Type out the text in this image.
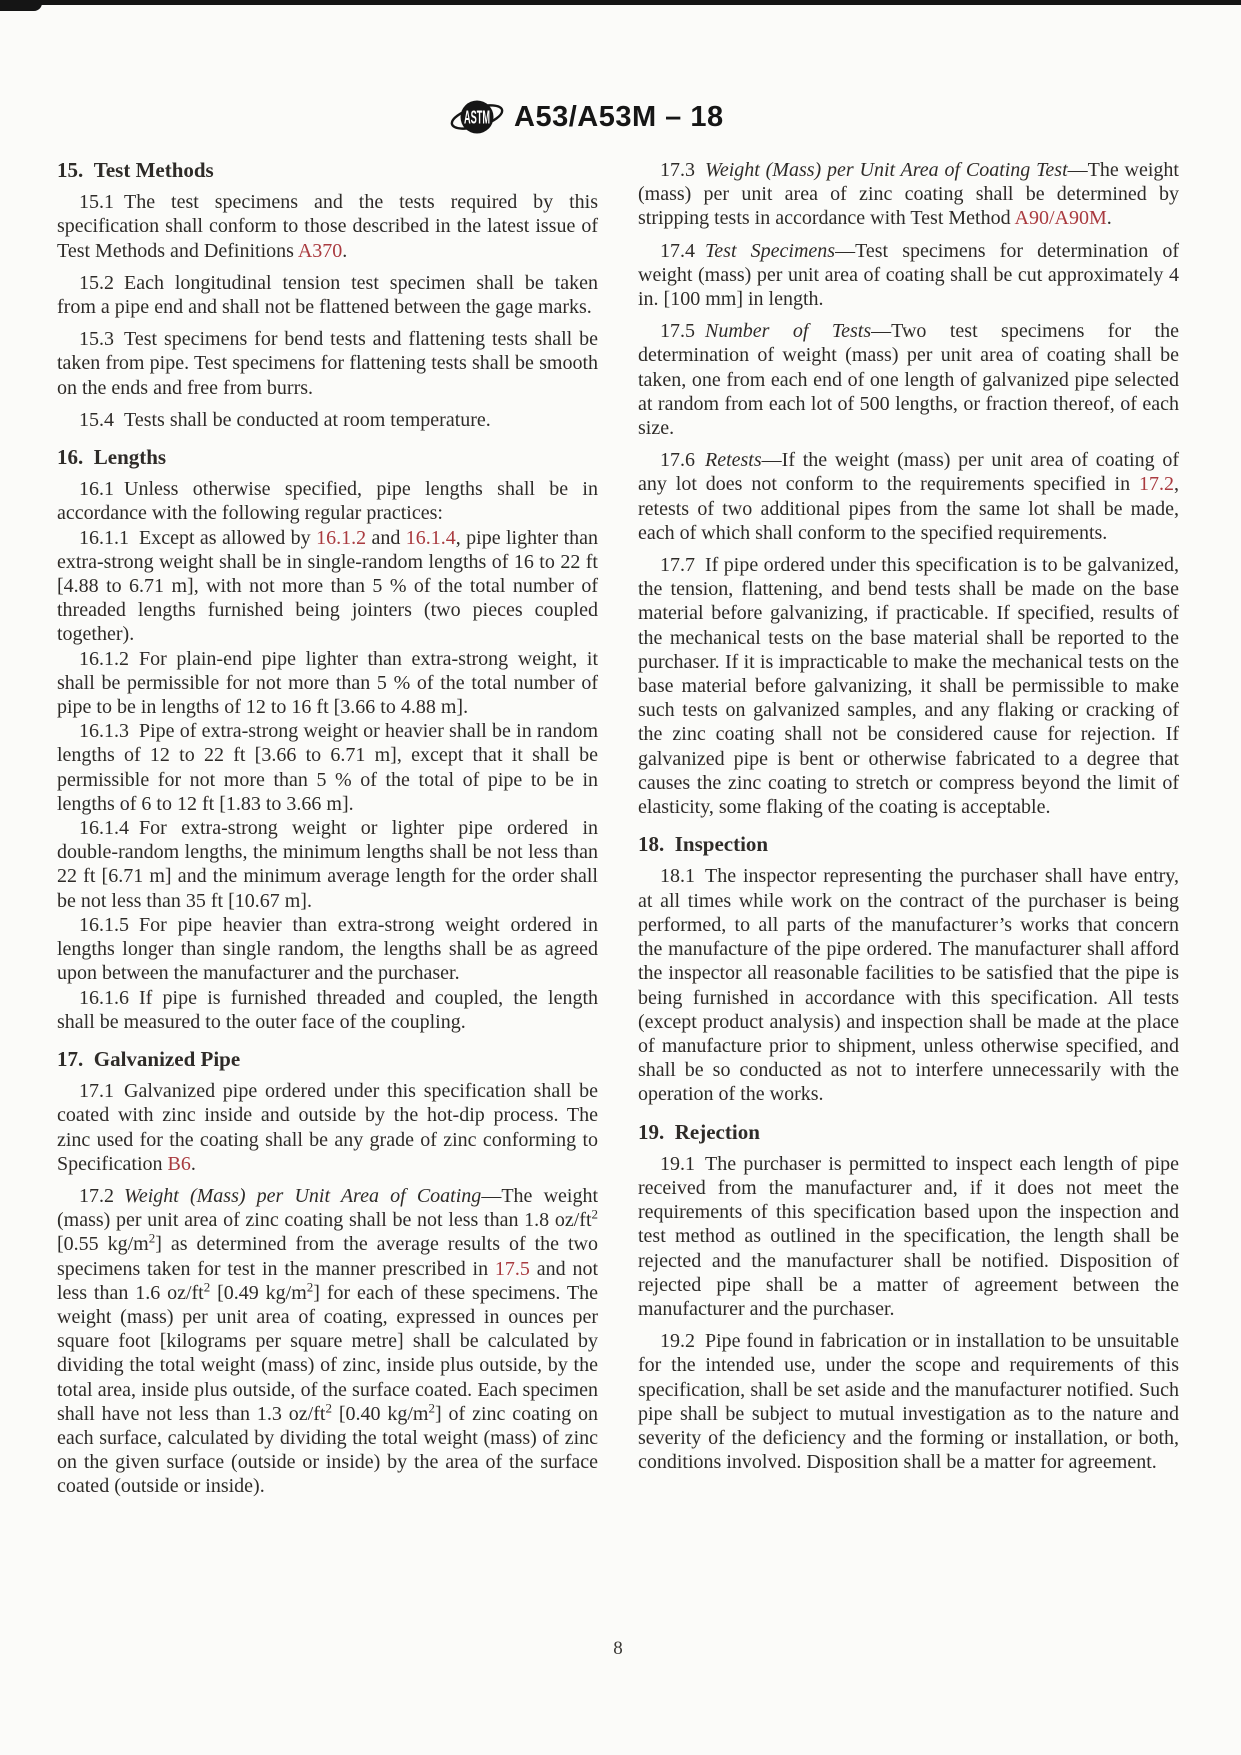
ASTM A53/A53M – 18
15. Test Methods

15.1 The test specimens and the tests required by this specification shall conform to those described in the latest issue of Test Methods and Definitions A370.

15.2 Each longitudinal tension test specimen shall be taken from a pipe end and shall not be flattened between the gage marks.

15.3 Test specimens for bend tests and flattening tests shall be taken from pipe. Test specimens for flattening tests shall be smooth on the ends and free from burrs.

15.4 Tests shall be conducted at room temperature.

16. Lengths

16.1 Unless otherwise specified, pipe lengths shall be in accordance with the following regular practices:

16.1.1 Except as allowed by 16.1.2 and 16.1.4, pipe lighter than extra-strong weight shall be in single-random lengths of 16 to 22 ft [4.88 to 6.71 m], with not more than 5 % of the total number of threaded lengths furnished being jointers (two pieces coupled together).

16.1.2 For plain-end pipe lighter than extra-strong weight, it shall be permissible for not more than 5 % of the total number of pipe to be in lengths of 12 to 16 ft [3.66 to 4.88 m].

16.1.3 Pipe of extra-strong weight or heavier shall be in random lengths of 12 to 22 ft [3.66 to 6.71 m], except that it shall be permissible for not more than 5 % of the total of pipe to be in lengths of 6 to 12 ft [1.83 to 3.66 m].

16.1.4 For extra-strong weight or lighter pipe ordered in double-random lengths, the minimum lengths shall be not less than 22 ft [6.71 m] and the minimum average length for the order shall be not less than 35 ft [10.67 m].

16.1.5 For pipe heavier than extra-strong weight ordered in lengths longer than single random, the lengths shall be as agreed upon between the manufacturer and the purchaser.

16.1.6 If pipe is furnished threaded and coupled, the length shall be measured to the outer face of the coupling.

17. Galvanized Pipe

17.1 Galvanized pipe ordered under this specification shall be coated with zinc inside and outside by the hot-dip process. The zinc used for the coating shall be any grade of zinc conforming to Specification B6.

17.2 Weight (Mass) per Unit Area of Coating—The weight (mass) per unit area of zinc coating shall be not less than 1.8 $oz/ft^2$ [0.55 $kg/m^2$] as determined from the average results of the two specimens taken for test in the manner prescribed in 17.5 and not less than 1.6 $oz/ft^2$ [0.49 $kg/m^2$] for each of these specimens. The weight (mass) per unit area of coating, expressed in ounces per square foot [kilograms per square metre] shall be calculated by dividing the total weight (mass) of zinc, inside plus outside, by the total area, inside plus outside, of the surface coated. Each specimen shall have not less than 1.3 $oz/ft^2$ [0.40 $kg/m^2$] of zinc coating on each surface, calculated by dividing the total weight (mass) of zinc on the given surface (outside or inside) by the area of the surface coated (outside or inside).

17.3 Weight (Mass) per Unit Area of Coating Test—The weight (mass) per unit area of zinc coating shall be determined by stripping tests in accordance with Test Method A90/A90M.

17.4 Test Specimens—Test specimens for determination of weight (mass) per unit area of coating shall be cut approximately 4 in. [100 mm] in length.

17.5 Number of Tests—Two test specimens for the determination of weight (mass) per unit area of coating shall be taken, one from each end of one length of galvanized pipe selected at random from each lot of 500 lengths, or fraction thereof, of each size.

17.6 Retests—If the weight (mass) per unit area of coating of any lot does not conform to the requirements specified in 17.2, retests of two additional pipes from the same lot shall be made, each of which shall conform to the specified requirements.

17.7 If pipe ordered under this specification is to be galvanized, the tension, flattening, and bend tests shall be made on the base material before galvanizing, if practicable. If specified, results of the mechanical tests on the base material shall be reported to the purchaser. If it is impracticable to make the mechanical tests on the base material before galvanizing, it shall be permissible to make such tests on galvanized samples, and any flaking or cracking of the zinc coating shall not be considered cause for rejection. If galvanized pipe is bent or otherwise fabricated to a degree that causes the zinc coating to stretch or compress beyond the limit of elasticity, some flaking of the coating is acceptable.

18. Inspection

18.1 The inspector representing the purchaser shall have entry, at all times while work on the contract of the purchaser is being performed, to all parts of the manufacturer’s works that concern the manufacture of the pipe ordered. The manufacturer shall afford the inspector all reasonable facilities to be satisfied that the pipe is being furnished in accordance with this specification. All tests (except product analysis) and inspection shall be made at the place of manufacture prior to shipment, unless otherwise specified, and shall be so conducted as not to interfere unnecessarily with the operation of the works.

19. Rejection

19.1 The purchaser is permitted to inspect each length of pipe received from the manufacturer and, if it does not meet the requirements of this specification based upon the inspection and test method as outlined in the specification, the length shall be rejected and the manufacturer shall be notified. Disposition of rejected pipe shall be a matter of agreement between the manufacturer and the purchaser.

19.2 Pipe found in fabrication or in installation to be unsuitable for the intended use, under the scope and requirements of this specification, shall be set aside and the manufacturer notified. Such pipe shall be subject to mutual investigation as to the nature and severity of the deficiency and the forming or installation, or both, conditions involved. Disposition shall be a matter for agreement.

8
